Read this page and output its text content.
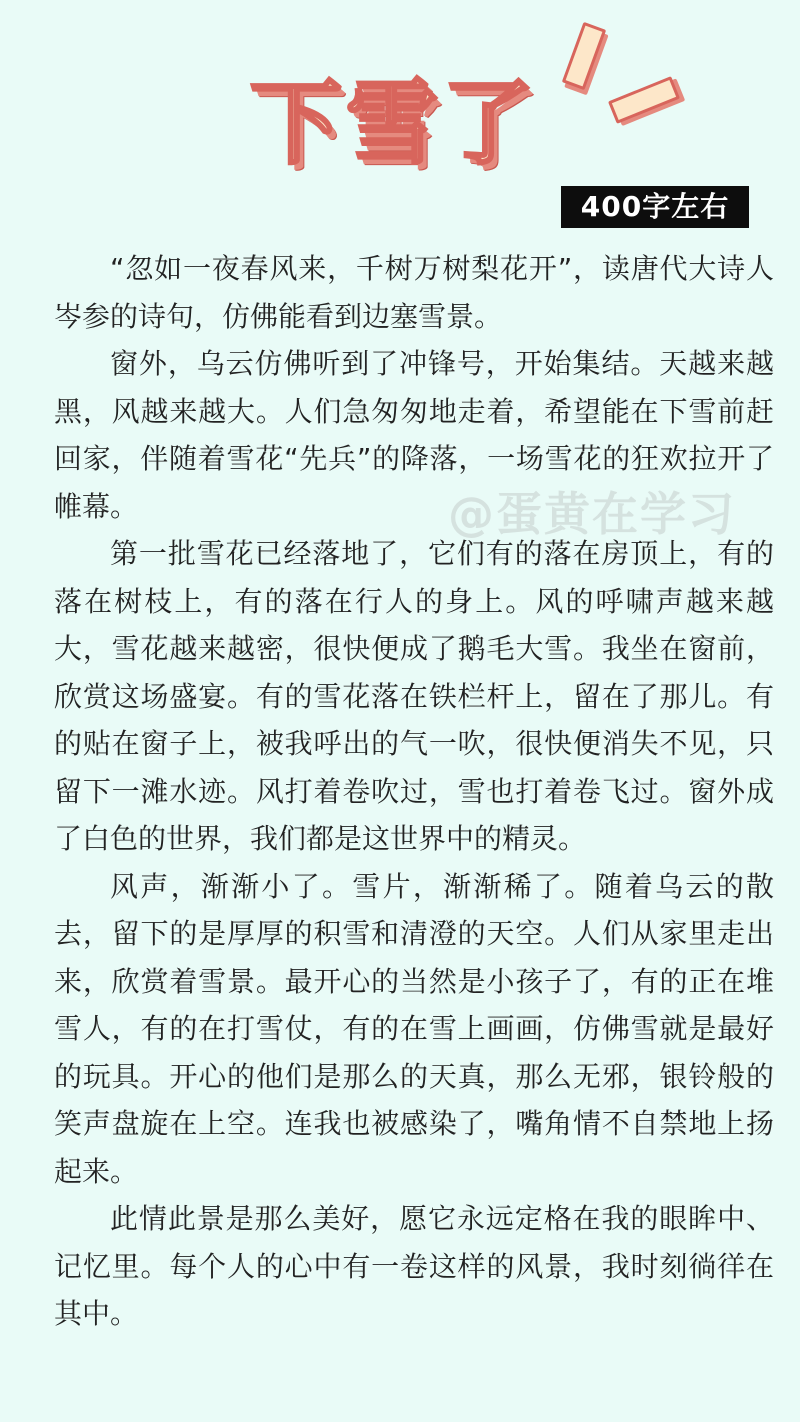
下雪了
400字左右
@蛋黄在学习

“忽如一夜春风来，千树万树梨花开”，读唐代大诗人岑参的诗句，仿佛能看到边塞雪景。

窗外，乌云仿佛听到了冲锋号，开始集结。天越来越黑，风越来越大。人们急匆匆地走着，希望能在下雪前赶回家，伴随着雪花“先兵”的降落，一场雪花的狂欢拉开了帷幕。

第一批雪花已经落地了，它们有的落在房顶上，有的落在树枝上，有的落在行人的身上。风的呼啸声越来越大，雪花越来越密，很快便成了鹅毛大雪。我坐在窗前，欣赏这场盛宴。有的雪花落在铁栏杆上，留在了那儿。有的贴在窗子上，被我呼出的气一吹，很快便消失不见，只留下一滩水迹。风打着卷吹过，雪也打着卷飞过。窗外成了白色的世界，我们都是这世界中的精灵。

风声，渐渐小了。雪片，渐渐稀了。随着乌云的散去，留下的是厚厚的积雪和清澄的天空。人们从家里走出来，欣赏着雪景。最开心的当然是小孩子了，有的正在堆雪人，有的在打雪仗，有的在雪上画画，仿佛雪就是最好的玩具。开心的他们是那么的天真，那么无邪，银铃般的笑声盘旋在上空。连我也被感染了，嘴角情不自禁地上扬起来。

此情此景是那么美好，愿它永远定格在我的眼眸中、记忆里。每个人的心中有一卷这样的风景，我时刻徜徉在其中。
